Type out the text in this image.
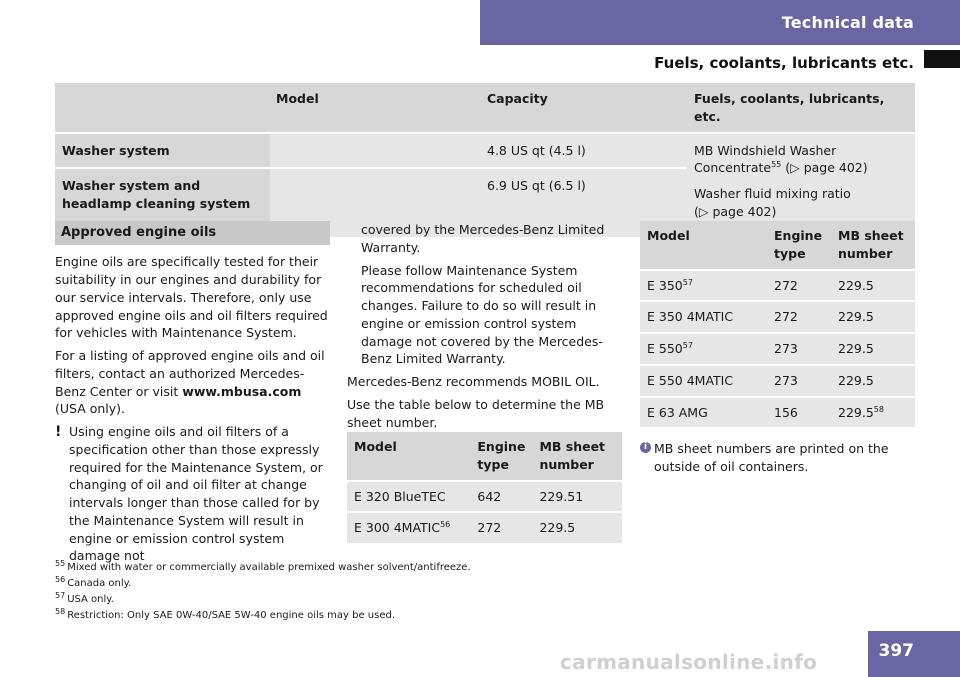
Technical data
Fuels, coolants, lubricants etc.
Model		Capacity	Fuels, coolants, lubricants, etc.
Washer system		4.8 US qt (4.5 l)	MB Windshield Washer Concentrate$^{55}$ (▷ page 402)
Washer fluid mixing ratio
(▷ page 402)
Washer system and headlamp cleaning system		6.9 US qt (6.5 l)	
Approved engine oils

Engine oils are specifically tested for their suitability in our engines and durability for our service intervals. Therefore, only use approved engine oils and oil filters required for vehicles with Maintenance System.

For a listing of approved engine oils and oil filters, contact an authorized Mercedes-Benz Center or visit www.mbusa.com (USA only).

! Using engine oils and oil filters of a specification other than those expressly required for the Maintenance System, or changing of oil and oil filter at change intervals longer than those called for by the Maintenance System will result in engine or emission control system damage not

covered by the Mercedes-Benz Limited Warranty.

Please follow Maintenance System recommendations for scheduled oil changes. Failure to do so will result in engine or emission control system damage not covered by the Mercedes-Benz Limited Warranty.

Mercedes-Benz recommends MOBIL OIL.

Use the table below to determine the MB sheet number.

Model	Engine type	MB sheet number
E 320 BlueTEC	642	229.51
E 300 4MATIC$^{56}$	272	229.5
Model	Engine type	MB sheet number
E $350^{57}$	272	229.5
E 350 4MATIC	272	229.5
E $550^{57}$	273	229.5
E 550 4MATIC	273	229.5
E 63 AMG	156	229.5$^{58}$
i MB sheet numbers are printed on the outside of oil containers.
$^{55}$ Mixed with water or commercially available premixed washer solvent/antifreeze.
$^{56}$ Canada only.
$^{57}$ USA only.
$^{58}$ Restriction: Only SAE 0W-40/SAE 5W-40 engine oils may be used.
carmanualsonline.info	397
